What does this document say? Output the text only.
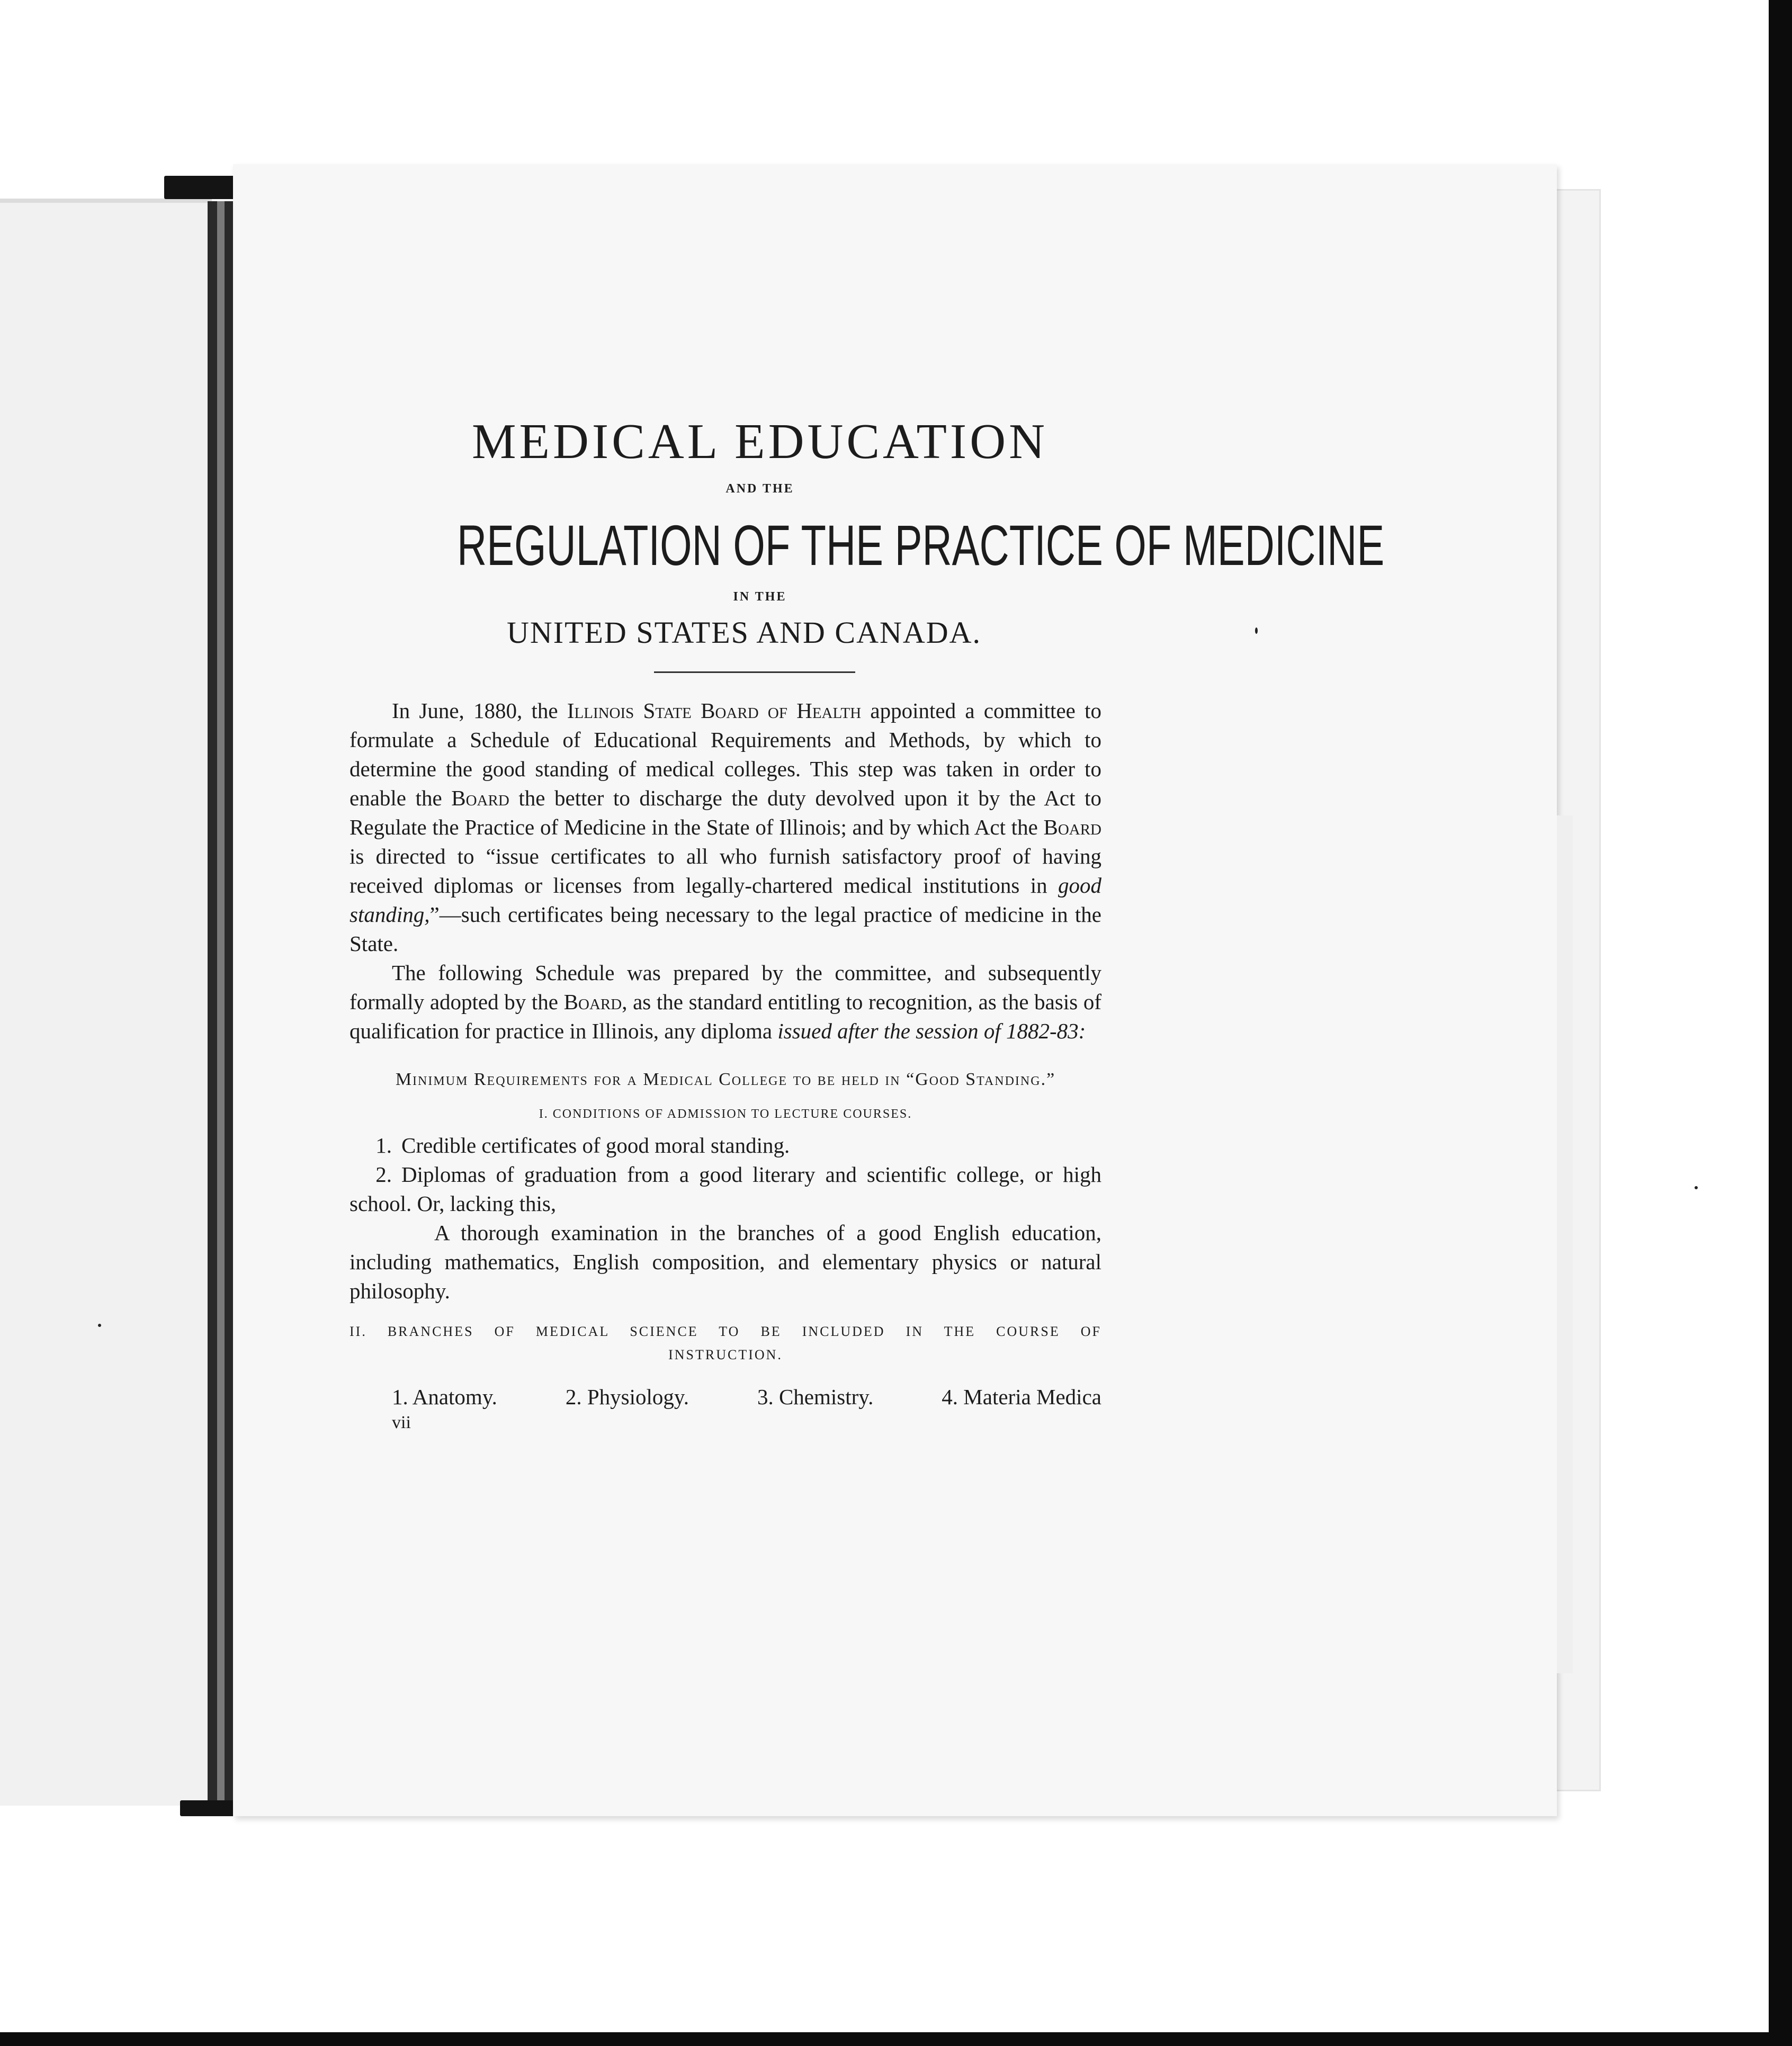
MEDICAL EDUCATION
AND THE
REGULATION OF THE PRACTICE OF MEDICINE
IN THE
UNITED STATES AND CANADA.

In June, 1880, the Illinois State Board of Health appointed a committee to formulate a Schedule of Educational Requirements and Methods, by which to determine the good standing of medical colleges. This step was taken in order to enable the Board the better to discharge the duty devolved upon it by the Act to Regulate the Practice of Medicine in the State of Illinois; and by which Act the Board is directed to “issue certificates to all who furnish satisfactory proof of having received diplomas or licenses from legally-chartered medical institutions in good standing,”—such certificates being necessary to the legal practice of medicine in the State.

The following Schedule was prepared by the committee, and subsequently formally adopted by the Board, as the standard entitling to recognition, as the basis of qualification for practice in Illinois, any diploma issued after the session of 1882-83:

Minimum Requirements for a Medical College to be held in “Good Standing.”
I. CONDITIONS OF ADMISSION TO LECTURE COURSES.
1. Credible certificates of good moral standing.
2. Diplomas of graduation from a good literary and scientific college, or high school. Or, lacking this,
A thorough examination in the branches of a good English education, including mathematics, English composition, and elementary physics or natural philosophy.
II. BRANCHES OF MEDICAL SCIENCE TO BE INCLUDED IN THE COURSE OF
INSTRUCTION.
1. Anatomy.	2. Physiology.	3. Chemistry.	4. Materia Medica
vii
